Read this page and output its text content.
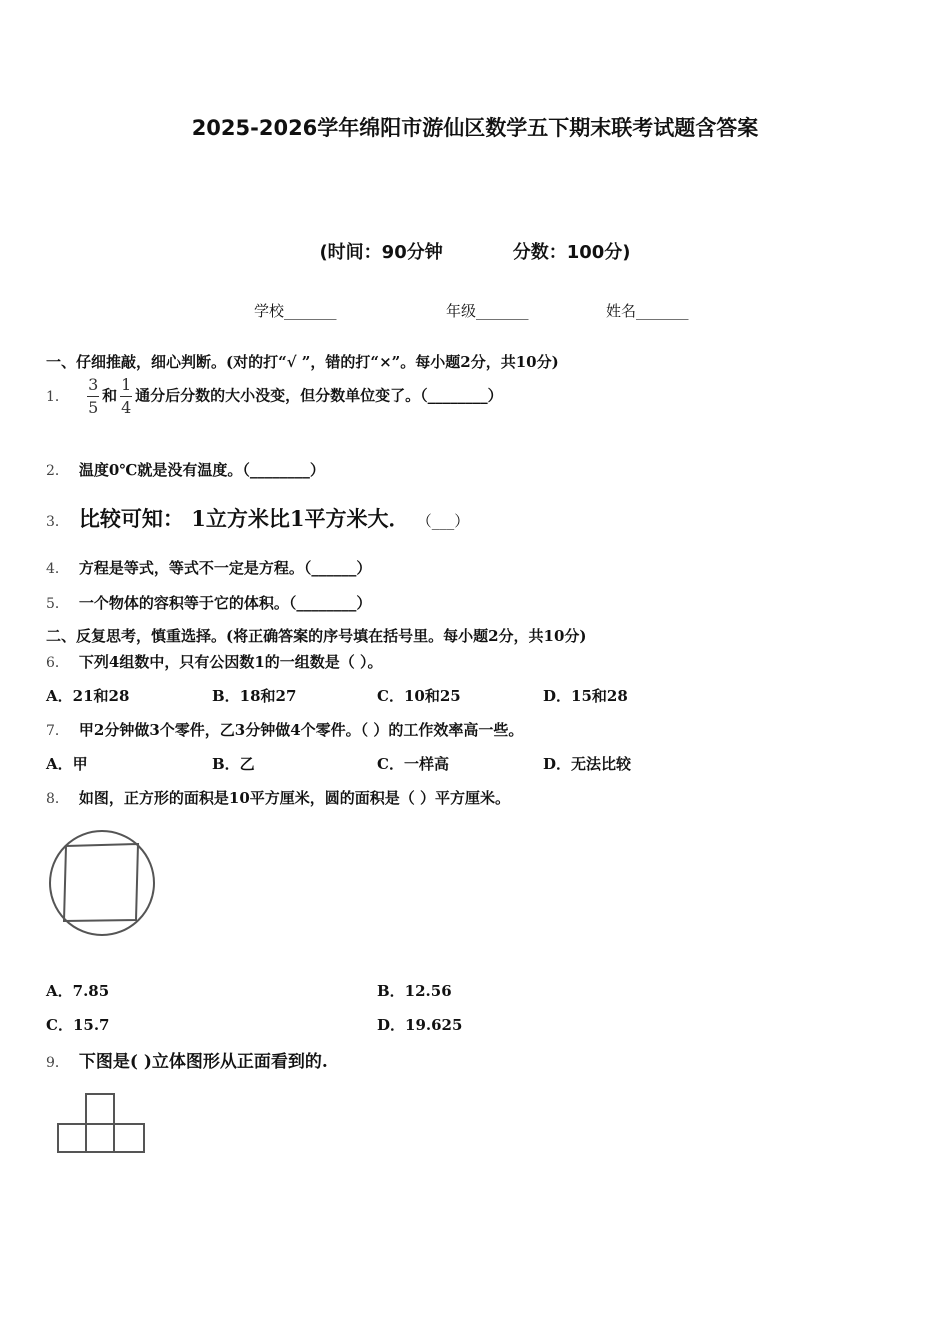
2025-2026学年绵阳市游仙区数学五下期末联考试题含答案
(时间：90分钟	分数：100分)
学校_______	年级_______	姓名_______
一、仔细推敲，细心判断。(对的打“√ ”，错的打“×”。每小题2分，共10分)
1． $\frac{3}{5}$ 和 $\frac{1}{4}$ 通分后分数的大小没变，但分数单位变了。（________）
2． 温度0℃就是没有温度。（________）
3． 比较可知： 1立方米比1平方米大． （___）
4． 方程是等式，等式不一定是方程。（______）
5． 一个物体的容积等于它的体积。（________）
二、反复思考，慎重选择。(将正确答案的序号填在括号里。每小题2分，共10分)
6． 下列4组数中，只有公因数1的一组数是（ ）。
A．21和28	B．18和27	C．10和25	D．15和28
7． 甲2分钟做3个零件，乙3分钟做4个零件。（ ）的工作效率高一些。
A．甲	B．乙	C．一样高	D．无法比较
8． 如图，正方形的面积是10平方厘米，圆的面积是（ ）平方厘米。
A．7.85	B．12.56
C．15.7	D．19.625
9． 下图是( )立体图形从正面看到的.
